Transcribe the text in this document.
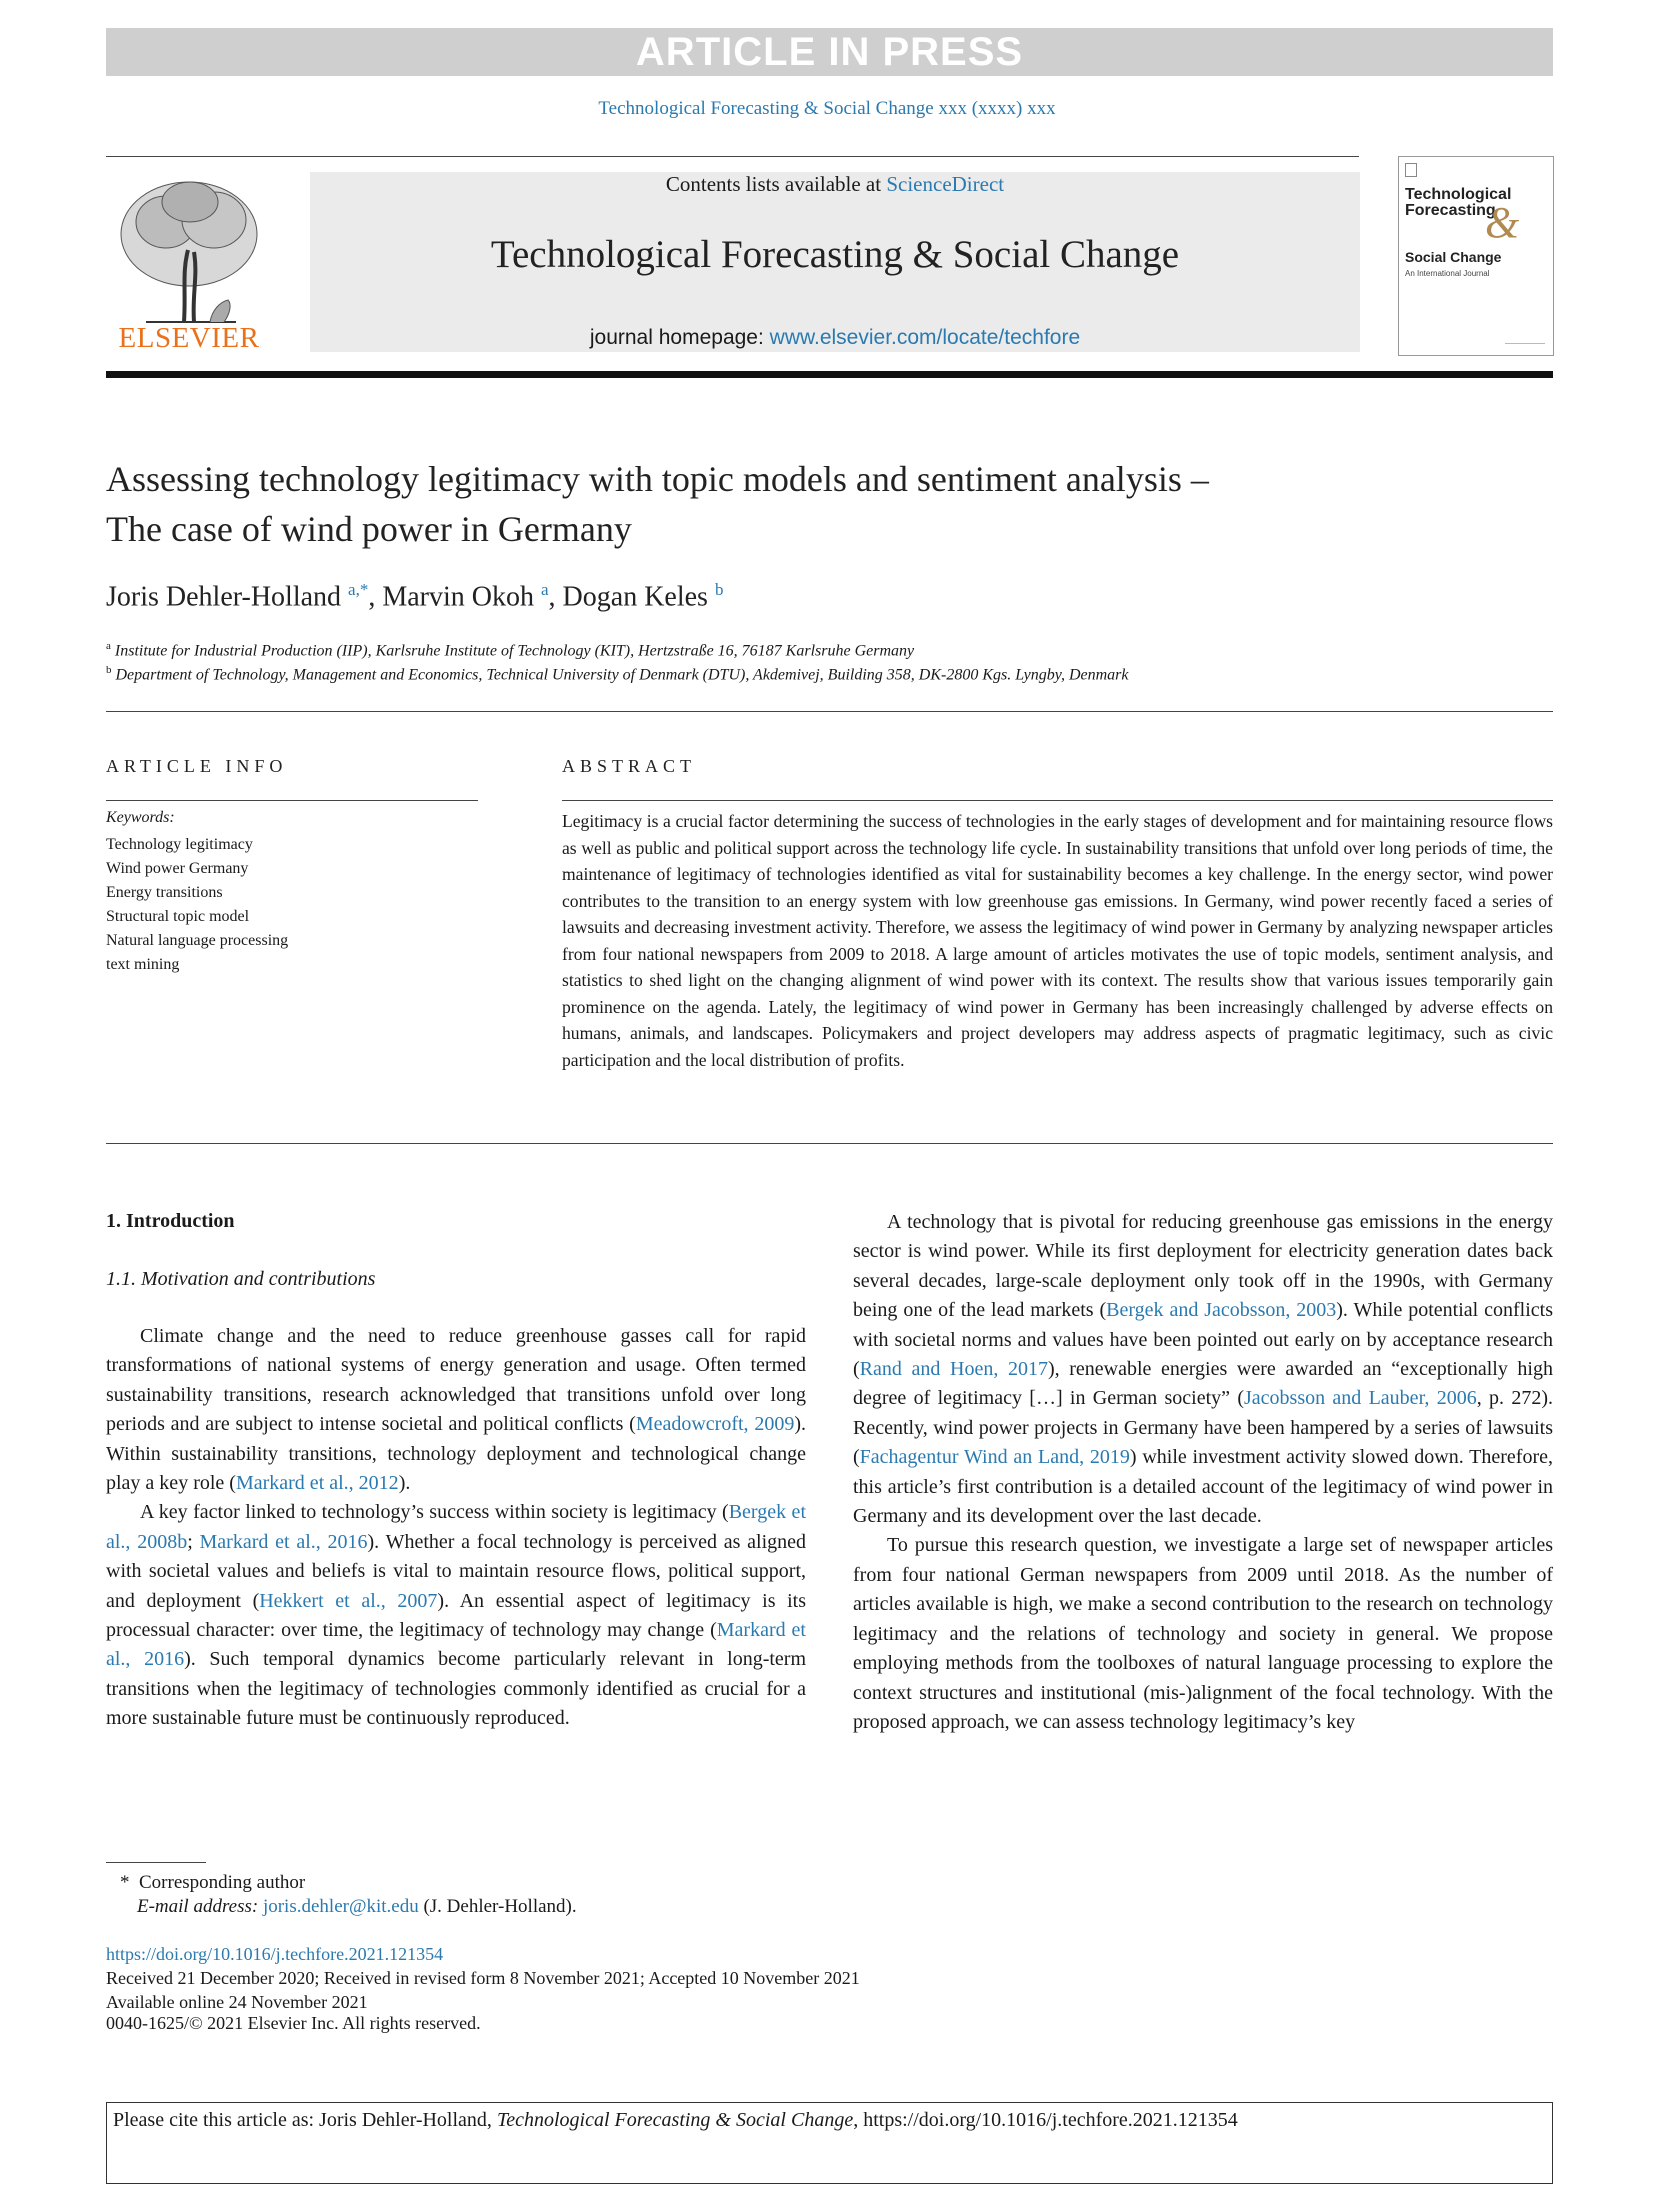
ARTICLE IN PRESS
Technological Forecasting & Social Change xxx (xxxx) xxx
ELSEVIER
Contents lists available at ScienceDirect
Technological Forecasting & Social Change
journal homepage: www.elsevier.com/locate/techfore
Technological
Forecasting
&
Social Change
An International Journal
Assessing technology legitimacy with topic models and sentiment analysis –
The case of wind power in Germany
Joris Dehler-Holland $^{a,*}$, Marvin Okoh $^a$, Dogan Keles $^b$
$^a$ Institute for Industrial Production (IIP), Karlsruhe Institute of Technology (KIT), Hertzstraße 16, 76187 Karlsruhe Germany
$^b$ Department of Technology, Management and Economics, Technical University of Denmark (DTU), Akdemivej, Building 358, DK-2800 Kgs. Lyngby, Denmark
ARTICLE INFO
Keywords:
Technology legitimacy
Wind power Germany
Energy transitions
Structural topic model
Natural language processing
text mining
ABSTRACT

Legitimacy is a crucial factor determining the success of technologies in the early stages of development and for maintaining resource flows as well as public and political support across the technology life cycle. In sustainability transitions that unfold over long periods of time, the maintenance of legitimacy of technologies identified as vital for sustainability becomes a key challenge. In the energy sector, wind power contributes to the transition to an energy system with low greenhouse gas emissions. In Germany, wind power recently faced a series of lawsuits and decreasing investment activity. Therefore, we assess the legitimacy of wind power in Germany by analyzing newspaper articles from four national newspapers from 2009 to 2018. A large amount of articles motivates the use of topic models, sentiment analysis, and statistics to shed light on the changing alignment of wind power with its context. The results show that various issues temporarily gain prominence on the agenda. Lately, the legitimacy of wind power in Germany has been increasingly challenged by adverse effects on humans, animals, and landscapes. Policymakers and project developers may address aspects of pragmatic legitimacy, such as civic participation and the local distribution of profits.

1. Introduction
1.1. Motivation and contributions

Climate change and the need to reduce greenhouse gasses call for rapid transformations of national systems of energy generation and usage. Often termed sustainability transitions, research acknowledged that transitions unfold over long periods and are subject to intense societal and political conflicts (Meadowcroft, 2009). Within sustainability transitions, technology deployment and technological change play a key role (Markard et al., 2012).

A key factor linked to technology’s success within society is legitimacy (Bergek et al., 2008b; Markard et al., 2016). Whether a focal technology is perceived as aligned with societal values and beliefs is vital to maintain resource flows, political support, and deployment (Hekkert et al., 2007). An essential aspect of legitimacy is its processual character: over time, the legitimacy of technology may change (Markard et al., 2016). Such temporal dynamics become particularly relevant in long-term transitions when the legitimacy of technologies commonly identified as crucial for a more sustainable future must be continuously reproduced.

A technology that is pivotal for reducing greenhouse gas emissions in the energy sector is wind power. While its first deployment for electricity generation dates back several decades, large-scale deployment only took off in the 1990s, with Germany being one of the lead markets (Bergek and Jacobsson, 2003). While potential conflicts with societal norms and values have been pointed out early on by acceptance research (Rand and Hoen, 2017), renewable energies were awarded an “exceptionally high degree of legitimacy […] in German society” (Jacobsson and Lauber, 2006, p. 272). Recently, wind power projects in Germany have been hampered by a series of lawsuits (Fachagentur Wind an Land, 2019) while investment activity slowed down. Therefore, this article’s first contribution is a detailed account of the legitimacy of wind power in Germany and its development over the last decade.

To pursue this research question, we investigate a large set of newspaper articles from four national German newspapers from 2009 until 2018. As the number of articles available is high, we make a second contribution to the research on technology legitimacy and the relations of technology and society in general. We propose employing methods from the toolboxes of natural language processing to explore the context structures and institutional (mis-)alignment of the focal technology. With the proposed approach, we can assess technology legitimacy’s key

* Corresponding author
E-mail address: joris.dehler@kit.edu (J. Dehler-Holland).
https://doi.org/10.1016/j.techfore.2021.121354
Received 21 December 2020; Received in revised form 8 November 2021; Accepted 10 November 2021
Available online 24 November 2021
0040-1625/© 2021 Elsevier Inc. All rights reserved.
Please cite this article as: Joris Dehler-Holland, Technological Forecasting & Social Change, https://doi.org/10.1016/j.techfore.2021.121354
